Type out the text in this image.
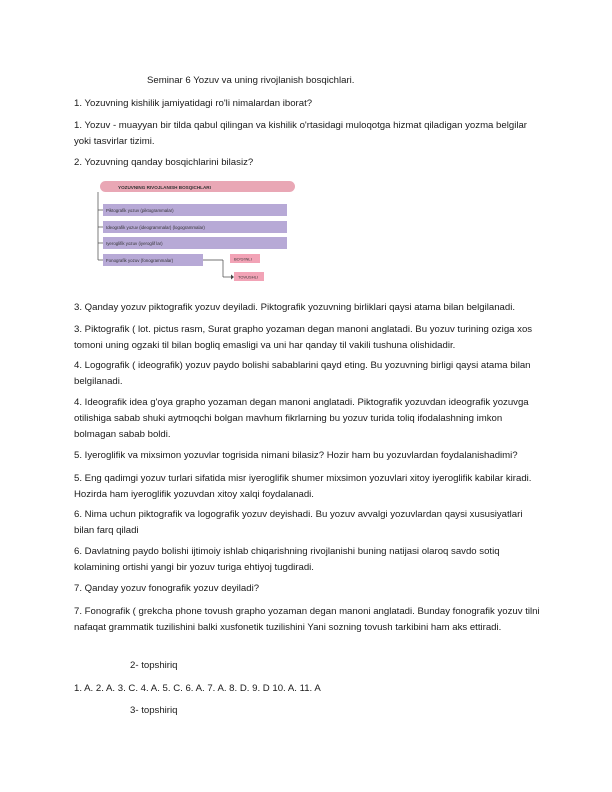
Seminar 6 Yozuv va uning rivojlanish bosqichlari.

1. Yozuvning kishilik jamiyatidagi ro'li nimalardan iborat?

1. Yozuv - muayyan bir tilda qabul qilingan va kishilik o'rtasidagi muloqotga hizmat qiladigan yozma belgilar yoki tasvirlar tizimi.

2. Yozuvning qanday bosqichlarini bilasiz?

YOZUVNING RIVOJLANISH BOSQICHLARI
Piktografik yozuv (piktogrammalar)
Ideografik yozuv (ideogrammalar) (logogrammalar)
Iyeroglifik yozuv (iyeroglif lar)
Fonografik yozuv (fonogrammalar)	BO'G'INLI
TOVUSHLI

3. Qanday yozuv piktografik yozuv deyiladi. Piktografik yozuvning birliklari qaysi atama bilan belgilanadi.

3. Piktografik ( lot. pictus rasm, Surat grapho yozaman degan manoni anglatadi. Bu yozuv turining oziga xos tomoni uning ogzaki til bilan bogliq emasligi va uni har qanday til vakili tushuna olishidadir.

4. Logografik ( ideografik) yozuv paydo bolishi sabablarini qayd eting. Bu yozuvning birligi qaysi atama bilan belgilanadi.

4. Ideografik idea g'oya grapho yozaman degan manoni anglatadi. Piktografik yozuvdan ideografik yozuvga otilishiga sabab shuki aytmoqchi bolgan mavhum fikrlarning bu yozuv turida toliq ifodalashning imkon bolmagan sabab boldi.

5. Iyeroglifik va mixsimon yozuvlar togrisida nimani bilasiz? Hozir ham bu yozuvlardan foydalanishadimi?

5. Eng qadimgi yozuv turlari sifatida misr iyeroglifik shumer mixsimon yozuvlari xitoy iyeroglifik kabilar kiradi. Hozirda ham iyeroglifik yozuvdan xitoy xalqi foydalanadi.

6. Nima uchun piktografik va logografik yozuv deyishadi. Bu yozuv avvalgi yozuvlardan qaysi xususiyatlari bilan farq qiladi

6. Davlatning paydo bolishi ijtimoiy ishlab chiqarishning rivojlanishi buning natijasi olaroq savdo sotiq kolamining ortishi yangi bir yozuv turiga ehtiyoj tugdiradi.

7. Qanday yozuv fonografik yozuv deyiladi?

7. Fonografik ( grekcha phone tovush grapho yozaman degan manoni anglatadi. Bunday fonografik yozuv tilni nafaqat grammatik tuzilishini balki xusfonetik tuzilishini Yani sozning tovush tarkibini ham aks ettiradi.

2- topshiriq

1. A. 2. A. 3. C. 4. A. 5. C. 6. A. 7. A. 8. D. 9. D 10. A. 11. A

3- topshiriq
